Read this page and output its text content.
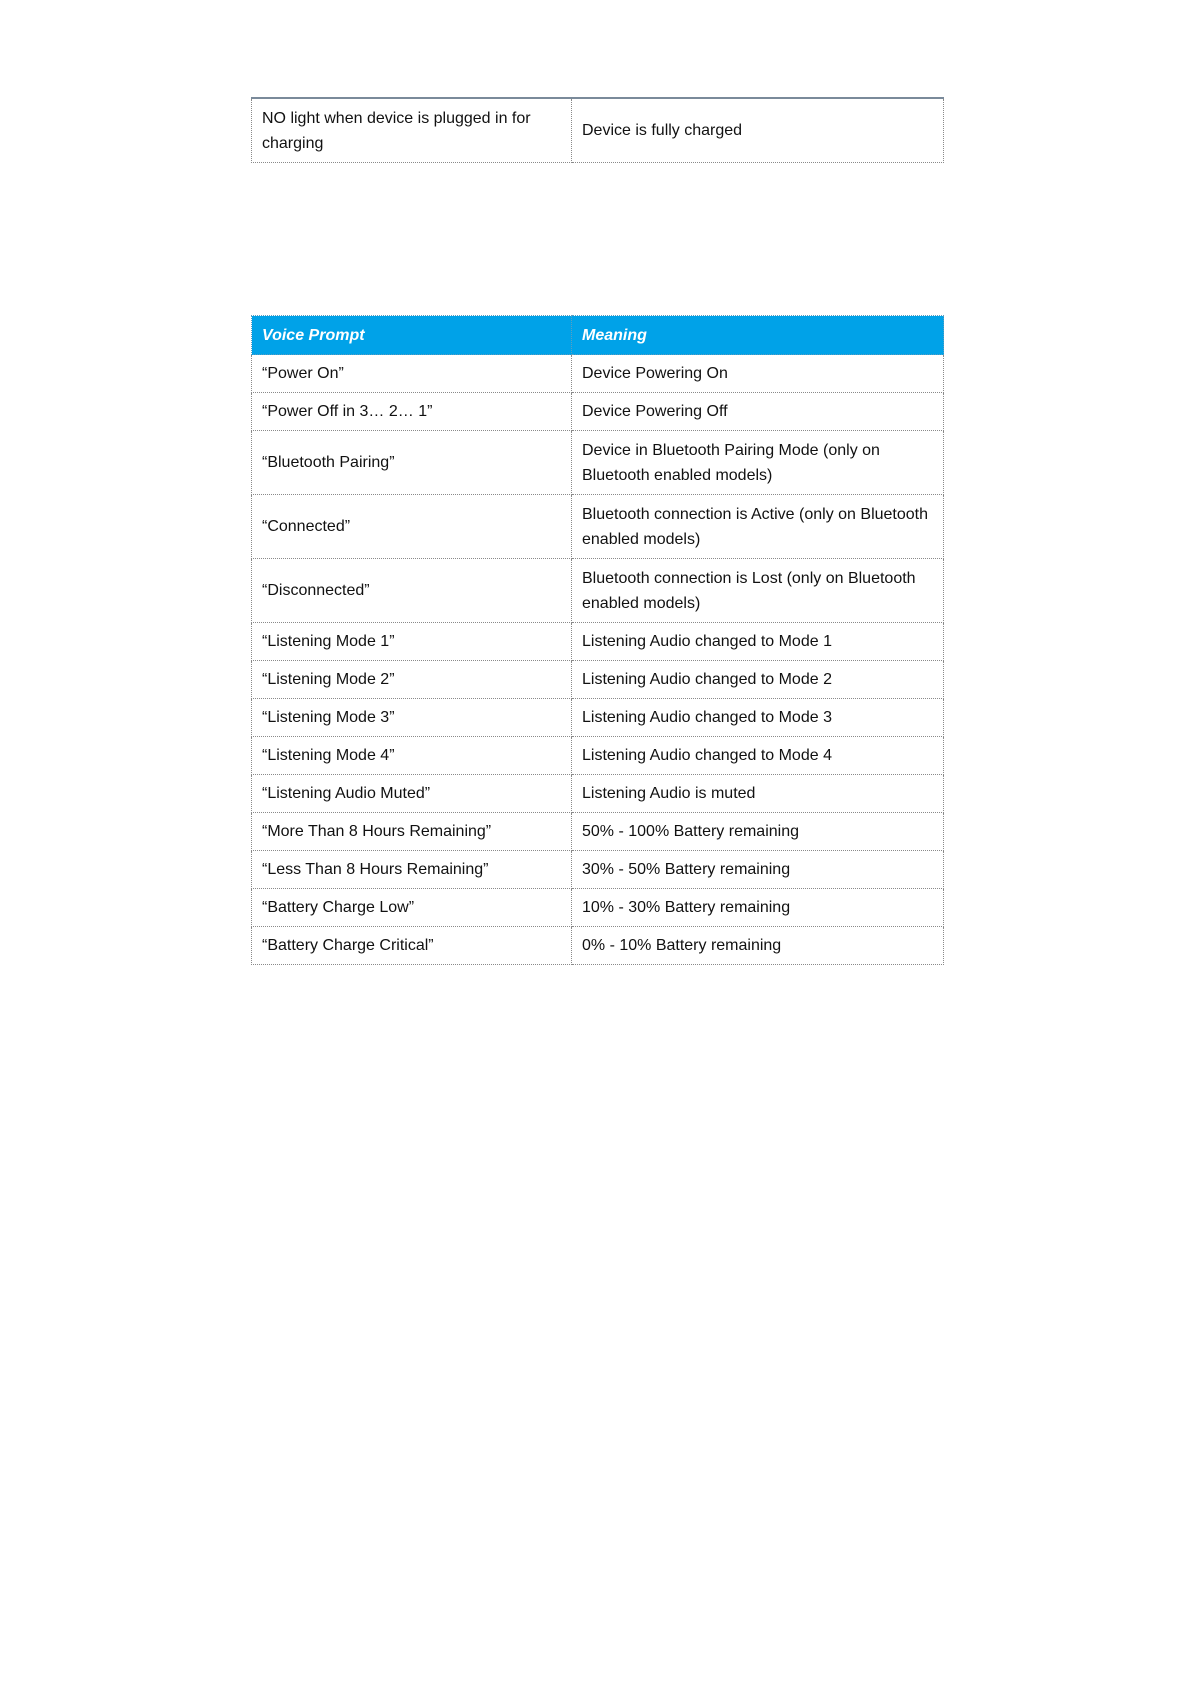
NO light when device is plugged in for charging	Device is fully charged
Voice Prompt	Meaning
“Power On”	Device Powering On
“Power Off in 3… 2… 1”	Device Powering Off
“Bluetooth Pairing”	Device in Bluetooth Pairing Mode (only on Bluetooth enabled models)
“Connected”	Bluetooth connection is Active (only on Bluetooth enabled models)
“Disconnected”	Bluetooth connection is Lost (only on Bluetooth enabled models)
“Listening Mode 1”	Listening Audio changed to Mode 1
“Listening Mode 2”	Listening Audio changed to Mode 2
“Listening Mode 3”	Listening Audio changed to Mode 3
“Listening Mode 4”	Listening Audio changed to Mode 4
“Listening Audio Muted”	Listening Audio is muted
“More Than 8 Hours Remaining”	50% - 100% Battery remaining
“Less Than 8 Hours Remaining”	30% - 50% Battery remaining
“Battery Charge Low”	10% - 30% Battery remaining
“Battery Charge Critical”	0% - 10% Battery remaining
